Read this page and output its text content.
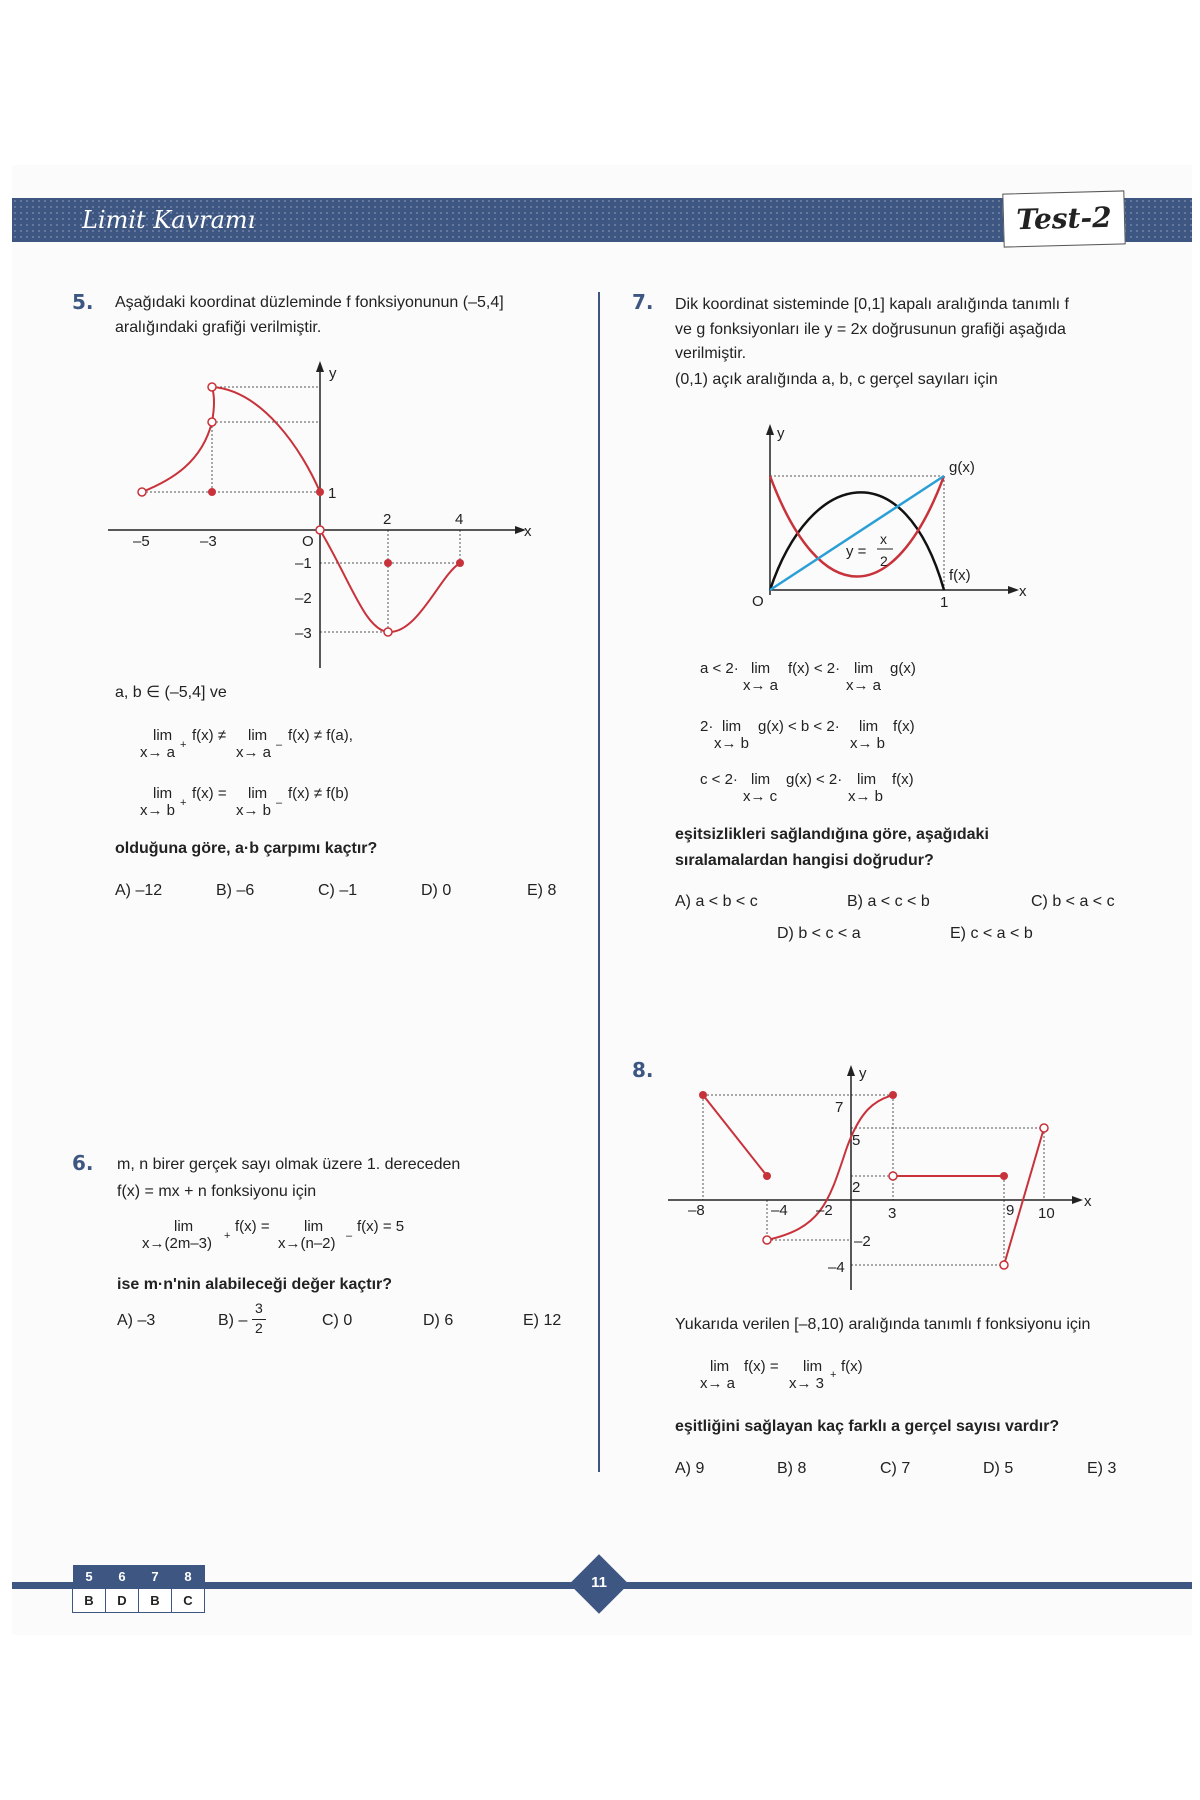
Limit Kavramı	Test-2
5. Aşağıdaki koordinat düzleminde f fonksiyonunun (–5,4]
aralığındaki grafiği verilmiştir.
y
x
O
–5	–3
2	4
1
–1
–2
–3
a, b ∈ (–5,4] ve
lim
x→ a +
f(x) ≠ lim
x→ a –
f(x) ≠ f(a),
lim
x→ b +
f(x) = lim
x→ b –
f(x) ≠ f(b)
olduğuna göre, a·b çarpımı kaçtır?
A) –12	B) –6	C) –1	D) 0	E) 8
6. m, n birer gerçek sayı olmak üzere 1. dereceden
f(x) = mx + n fonksiyonu için
lim
x→(2m–3) +
f(x) = lim
x→(n–2) –
f(x) = 5
ise m·n'nin alabileceği değer kaçtır?
A) –3	B) –
3
2	C) 0	D) 6	E) 12
7. Dik koordinat sisteminde [0,1] kapalı aralığında tanımlı f
ve g fonksiyonları ile y = 2x doğrusunun grafiği aşağıda
verilmiştir.
(0,1) açık aralığında a, b, c gerçel sayıları için
y
x
g(x)
f(x)
O	1
y =
x
2
a < 2· lim
x→ a
f(x) < 2· lim
x→ a
g(x)
2· lim
x→ b
g(x) < b < 2· lim
x→ b
f(x)
c < 2· lim
x→ c
g(x) < 2· lim
x→ b
f(x)
eşitsizlikleri sağlandığına göre, aşağıdaki
sıralamalardan hangisi doğrudur?
A) a < b < c	B) a < c < b	C) b < a < c
D) b < c < a	E) c < a < b
8.	y
x
–8	–4 –2	3	9 10
7
5
2
–2
–4
Yukarıda verilen [–8,10) aralığında tanımlı f fonksiyonu için
lim
x→ a
f(x) = lim
x→ 3 + f(x)
eşitliğini sağlayan kaç farklı a gerçel sayısı vardır?
A) 9	B) 8	C) 7	D) 5	E) 3
5	6	7	8
B	D	B	C
11
